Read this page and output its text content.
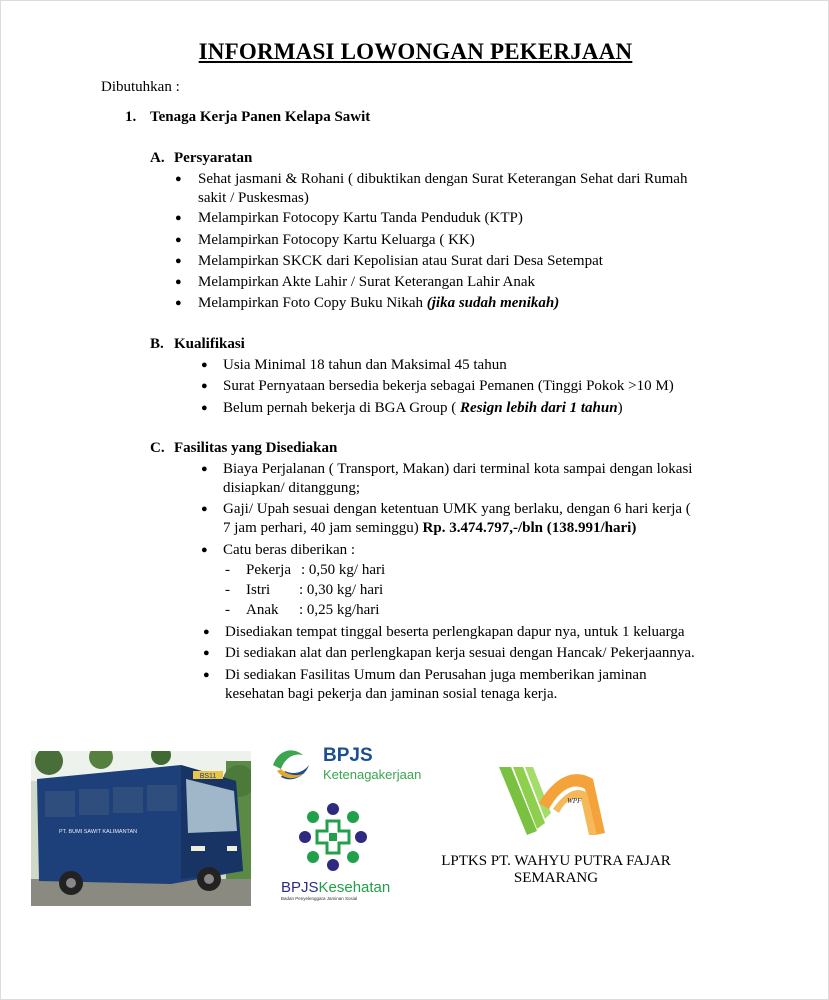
INFORMASI LOWONGAN PEKERJAAN
Dibutuhkan :
1. Tenaga Kerja Panen Kelapa Sawit
A. Persyaratan
● Sehat jasmani & Rohani ( dibuktikan dengan Surat Keterangan Sehat dari Rumah
sakit / Puskesmas)
● Melampirkan Fotocopy Kartu Tanda Penduduk (KTP)
● Melampirkan Fotocopy Kartu Keluarga ( KK)
● Melampirkan SKCK dari Kepolisian atau Surat dari Desa Setempat
● Melampirkan Akte Lahir / Surat Keterangan Lahir Anak
● Melampirkan Foto Copy Buku Nikah (jika sudah menikah)
B. Kualifikasi
● Usia Minimal 18 tahun dan Maksimal 45 tahun
● Surat Pernyataan bersedia bekerja sebagai Pemanen (Tinggi Pokok >10 M)
● Belum pernah bekerja di BGA Group ( Resign lebih dari 1 tahun)
C. Fasilitas yang Disediakan
● Biaya Perjalanan ( Transport, Makan) dari terminal kota sampai dengan lokasi
disiapkan/ ditanggung;
● Gaji/ Upah sesuai dengan ketentuan UMK yang berlaku, dengan 6 hari kerja (
7 jam perhari, 40 jam seminggu) Rp. 3.474.797,-/bln (138.991/hari)
● Catu beras diberikan :
- Pekerja : 0,50 kg/ hari
- Istri : 0,30 kg/ hari
- Anak : 0,25 kg/hari
● Disediakan tempat tinggal beserta perlengkapan dapur nya, untuk 1 keluarga
● Di sediakan alat dan perlengkapan kerja sesuai dengan Hancak/ Pekerjaannya.
● Di sediakan Fasilitas Umum dan Perusahan juga memberikan jaminan
kesehatan bagi pekerja dan jaminan sosial tenaga kerja.
BS11
PT. BUMI SAWIT KALIMANTAN
BPJS
Ketenagakerjaan
BPJSKesehatan
Badan Penyelenggara Jaminan Sosial
WPF
LPTKS PT. WAHYU PUTRA FAJAR
SEMARANG
